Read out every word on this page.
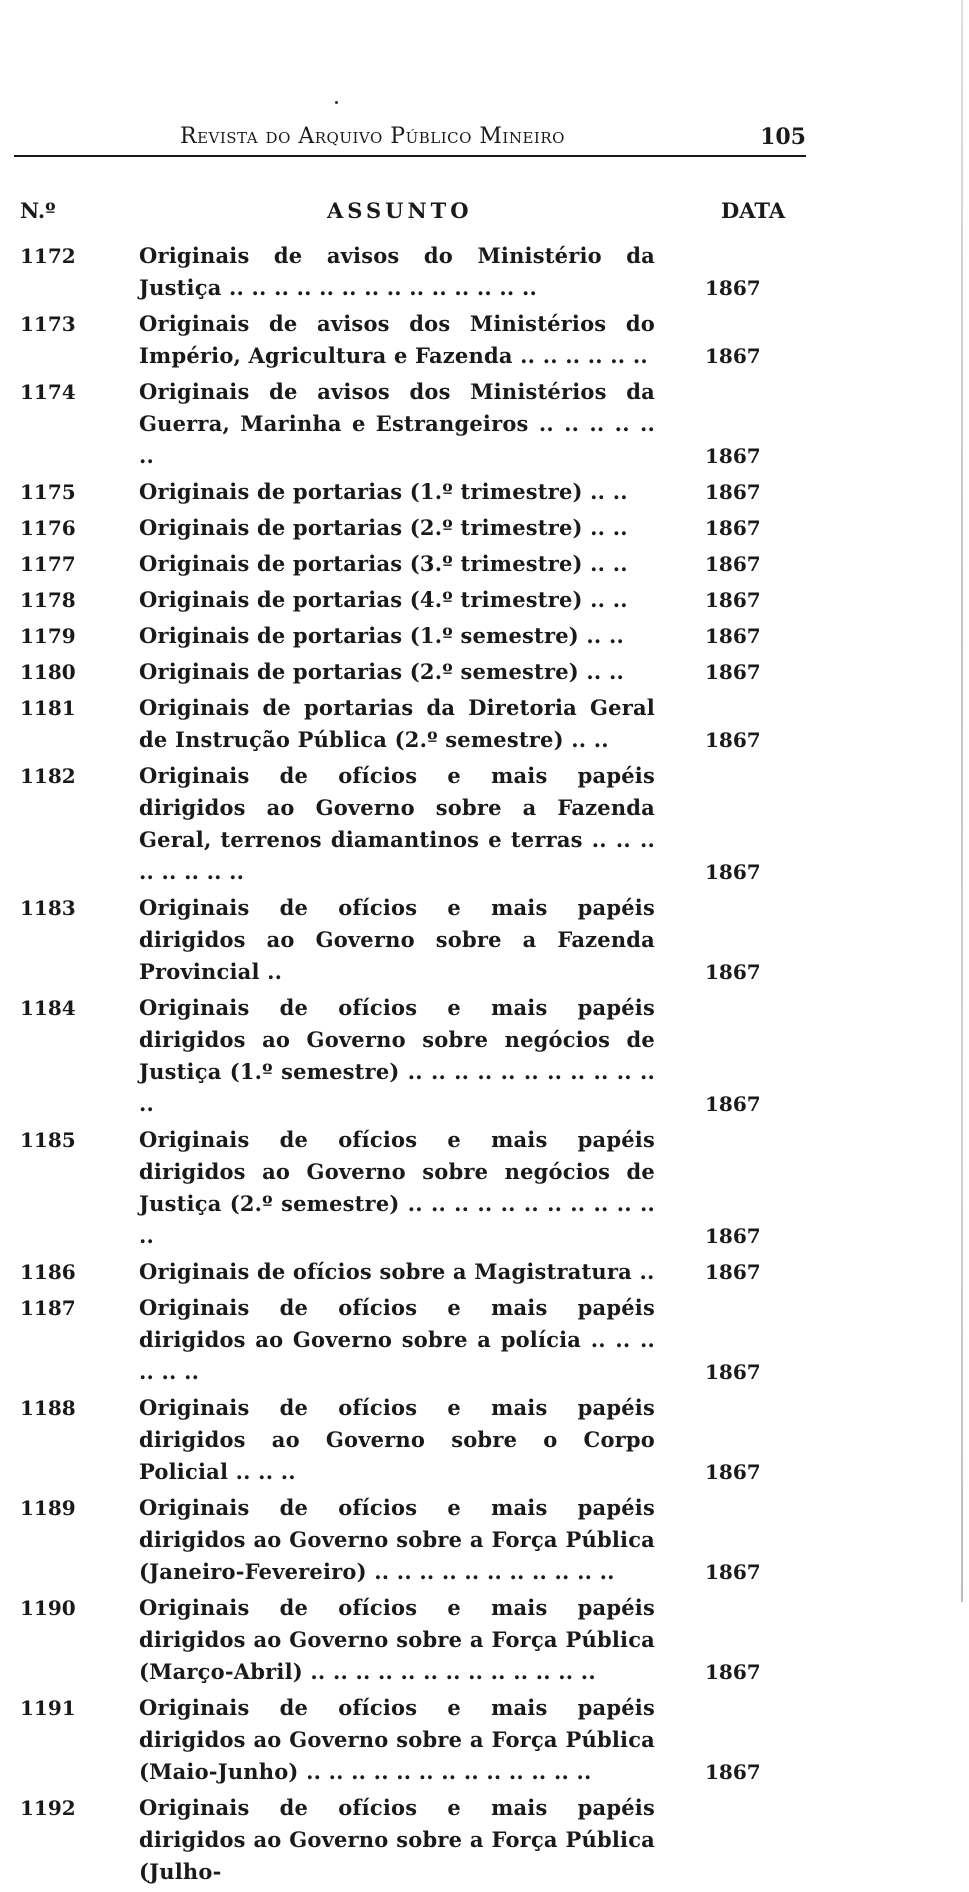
Revista do Arquivo Público Mineiro	105
N.º	ASSUNTO	DATA
1172	Originais de avisos do Ministério da Justiça .. .. .. .. .. .. .. .. .. .. .. .. .. ..	1867
1173	Originais de avisos dos Ministérios do Império, Agricultura e Fazenda .. .. .. .. .. ..	1867
1174	Originais de avisos dos Ministérios da Guerra, Marinha e Estrangeiros .. .. .. .. .. ..	1867
1175	Originais de portarias (1.º trimestre) .. ..	1867
1176	Originais de portarias (2.º trimestre) .. ..	1867
1177	Originais de portarias (3.º trimestre) .. ..	1867
1178	Originais de portarias (4.º trimestre) .. ..	1867
1179	Originais de portarias (1.º semestre) .. ..	1867
1180	Originais de portarias (2.º semestre) .. ..	1867
1181	Originais de portarias da Diretoria Geral de Instrução Pública (2.º semestre) .. ..	1867
1182	Originais de ofícios e mais papéis dirigidos ao Governo sobre a Fazenda Geral, terrenos diamantinos e terras .. .. .. .. .. .. .. ..	1867
1183	Originais de ofícios e mais papéis dirigidos ao Governo sobre a Fazenda Provincial ..	1867
1184	Originais de ofícios e mais papéis dirigidos ao Governo sobre negócios de Justiça (1.º semestre) .. .. .. .. .. .. .. .. .. .. .. ..	1867
1185	Originais de ofícios e mais papéis dirigidos ao Governo sobre negócios de Justiça (2.º semestre) .. .. .. .. .. .. .. .. .. .. .. ..	1867
1186	Originais de ofícios sobre a Magistratura ..	1867
1187	Originais de ofícios e mais papéis dirigidos ao Governo sobre a polícia .. .. .. .. .. ..	1867
1188	Originais de ofícios e mais papéis dirigidos ao Governo sobre o Corpo Policial .. .. ..	1867
1189	Originais de ofícios e mais papéis dirigidos ao Governo sobre a Força Pública (Janeiro-Fevereiro) .. .. .. .. .. .. .. .. .. .. ..	1867
1190	Originais de ofícios e mais papéis dirigidos ao Governo sobre a Força Pública (Março-Abril) .. .. .. .. .. .. .. .. .. .. .. .. ..	1867
1191	Originais de ofícios e mais papéis dirigidos ao Governo sobre a Força Pública (Maio-Junho) .. .. .. .. .. .. .. .. .. .. .. .. ..	1867
1192	Originais de ofícios e mais papéis dirigidos ao Governo sobre a Força Pública (Julho-
